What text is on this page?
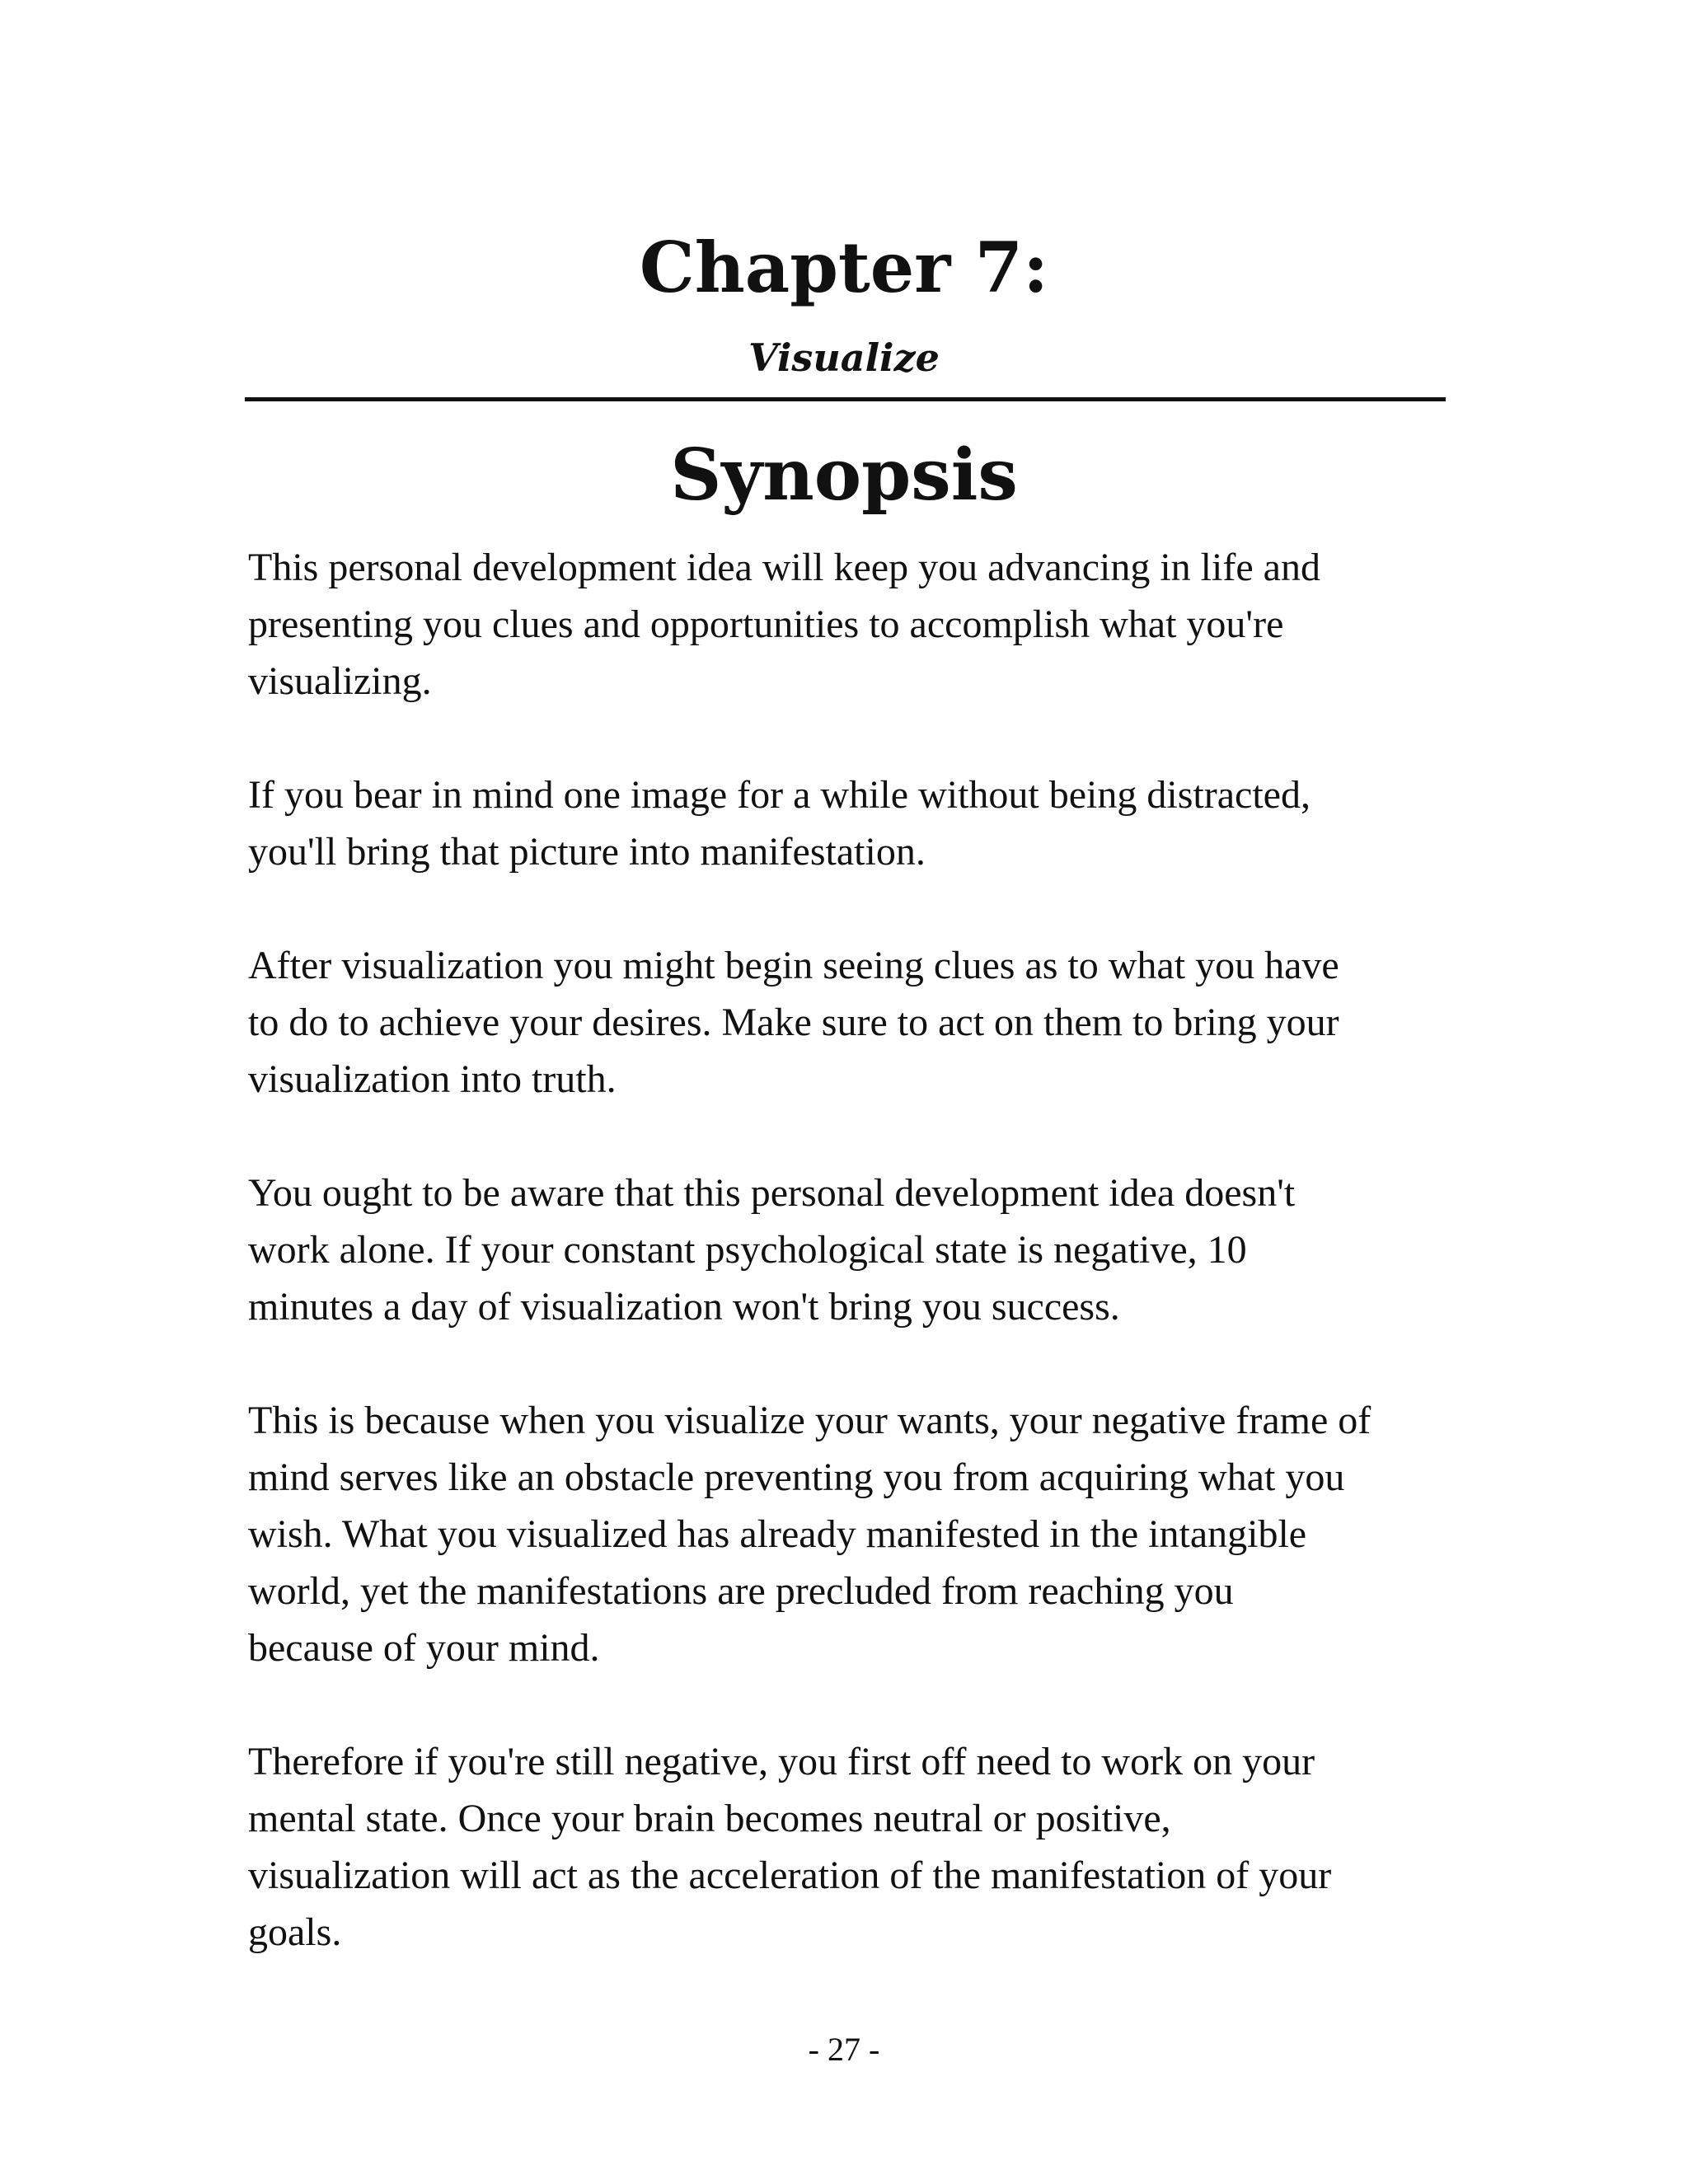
Chapter 7:
Visualize
Synopsis

This personal development idea will keep you advancing in life and
presenting you clues and opportunities to accomplish what you're
visualizing.

If you bear in mind one image for a while without being distracted,
you'll bring that picture into manifestation.

After visualization you might begin seeing clues as to what you have
to do to achieve your desires. Make sure to act on them to bring your
visualization into truth.

You ought to be aware that this personal development idea doesn't
work alone. If your constant psychological state is negative, 10
minutes a day of visualization won't bring you success.

This is because when you visualize your wants, your negative frame of
mind serves like an obstacle preventing you from acquiring what you
wish. What you visualized has already manifested in the intangible
world, yet the manifestations are precluded from reaching you
because of your mind.

Therefore if you're still negative, you first off need to work on your
mental state. Once your brain becomes neutral or positive,
visualization will act as the acceleration of the manifestation of your
goals.

- 27 -
